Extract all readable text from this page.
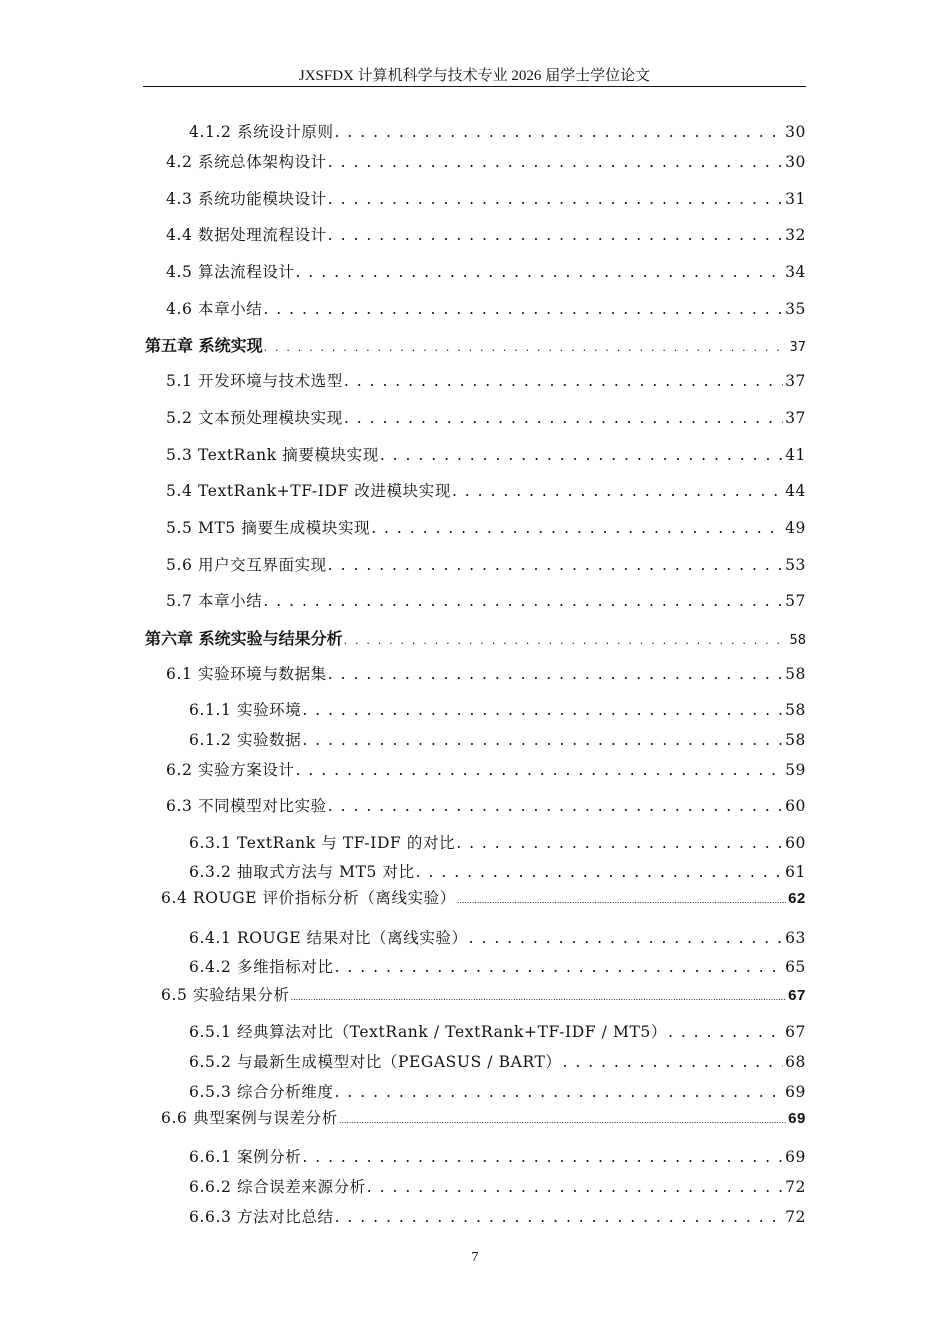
JXSFDX 计算机科学与技术专业 2026 届学士学位论文
4.1.2 系统设计原则 . . .	30
4.2 系统总体架构设计 . . .	30
4.3 系统功能模块设计 . . .	31
4.4 数据处理流程设计 . . .	32
4.5 算法流程设计 . . .	34
4.6 本章小结 . . .	35
第五章 系统实现 . . .	37
5.1 开发环境与技术选型 . . .	37
5.2 文本预处理模块实现 . . .	37
5.3 TextRank 摘要模块实现 . . .	41
5.4 TextRank+TF-IDF 改进模块实现 . . .	44
5.5 MT5 摘要生成模块实现 . . .	49
5.6 用户交互界面实现 . . .	53
5.7 本章小结 . . .	57
第六章 系统实验与结果分析 . . .	58
6.1 实验环境与数据集 . . .	58
6.1.1 实验环境 . . .	58
6.1.2 实验数据 . . .	58
6.2 实验方案设计 . . .	59
6.3 不同模型对比实验 . . .	60
6.3.1 TextRank 与 TF-IDF 的对比 . . .	60
6.3.2 抽取式方法与 MT5 对比 . . .	61
6.4 ROUGE 评价指标分析（离线实验） .....	62
6.4.1 ROUGE 结果对比（离线实验） . . .	63
6.4.2 多维指标对比 . . .	65
6.5 实验结果分析 .....	67
6.5.1 经典算法对比（TextRank / TextRank+TF-IDF / MT5） . . .	67
6.5.2 与最新生成模型对比（PEGASUS / BART） . . .	68
6.5.3 综合分析维度 . . .	69
6.6 典型案例与误差分析 .....	69
6.6.1 案例分析 . . .	69
6.6.2 综合误差来源分析 . . .	72
6.6.3 方法对比总结 . . .	72
7
